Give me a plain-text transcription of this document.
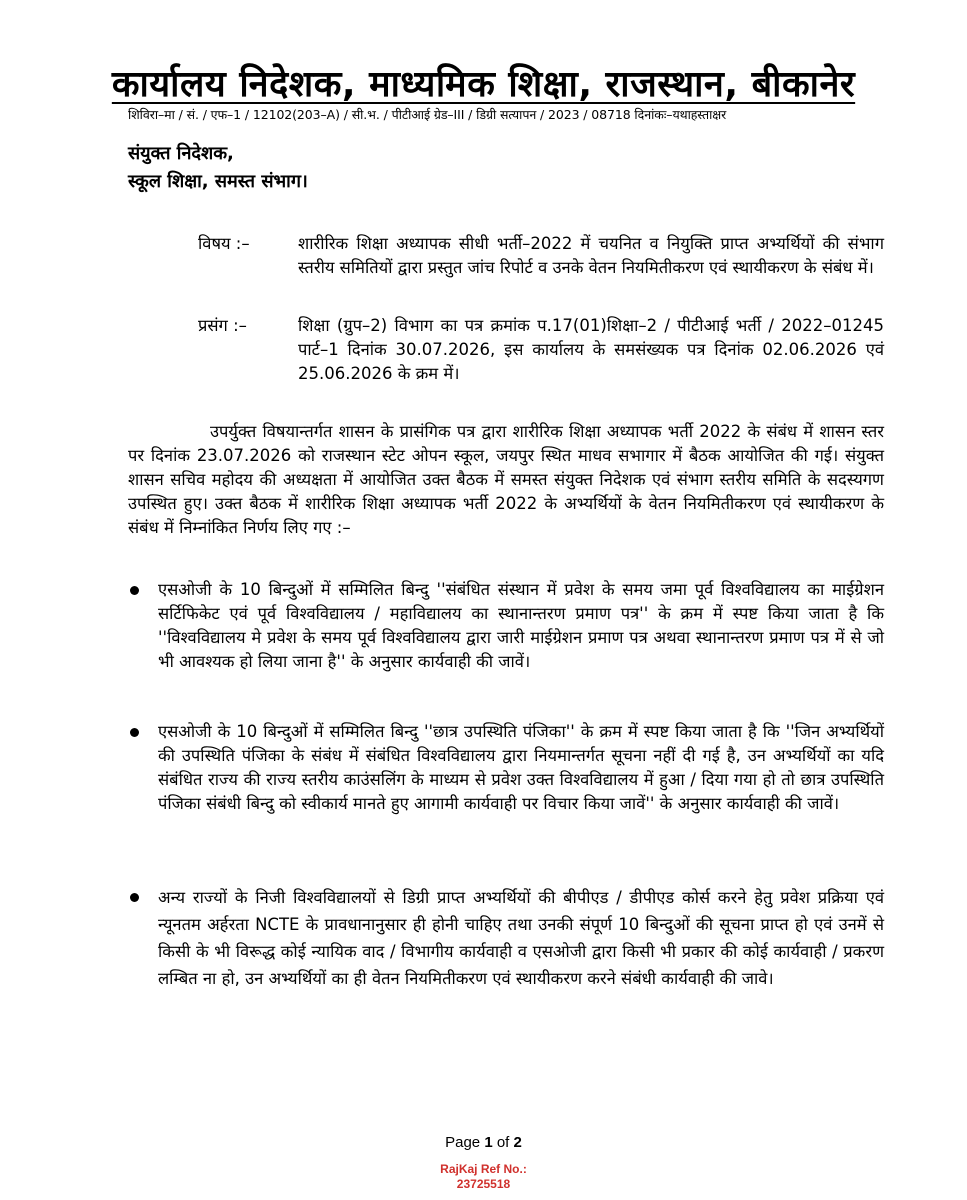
कार्यालय निदेशक, माध्यमिक शिक्षा, राजस्थान, बीकानेर
शिविरा–मा / सं. / एफ–1 / 12102(203–A) / सी.भ. / पीटीआई ग्रेड–III / डिग्री सत्यापन / 2023 / 08718 दिनांकः–यथाहस्ताक्षर
संयुक्त निदेशक,
स्कूल शिक्षा, समस्त संभाग।
विषय :–	शारीरिक शिक्षा अध्यापक सीधी भर्ती–2022 में चयनित व नियुक्ति प्राप्त अभ्यर्थियों की संभाग स्तरीय समितियों द्वारा प्रस्तुत जांच रिपोर्ट व उनके वेतन नियमितीकरण एवं स्थायीकरण के संबंध में।
प्रसंग :–	शिक्षा (ग्रुप–2) विभाग का पत्र क्रमांक प.17(01)शिक्षा–2 / पीटीआई भर्ती / 2022–01245 पार्ट–1 दिनांक 30.07.2026, इस कार्यालय के समसंख्यक पत्र दिनांक 02.06.2026 एवं 25.06.2026 के क्रम में।
उपर्युक्त विषयान्तर्गत शासन के प्रासंगिक पत्र द्वारा शारीरिक शिक्षा अध्यापक भर्ती 2022 के संबंध में शासन स्तर पर दिनांक 23.07.2026 को राजस्थान स्टेट ओपन स्कूल, जयपुर स्थित माधव सभागार में बैठक आयोजित की गई। संयुक्त शासन सचिव महोदय की अध्यक्षता में आयोजित उक्त बैठक में समस्त संयुक्त निदेशक एवं संभाग स्तरीय समिति के सदस्यगण उपस्थित हुए। उक्त बैठक में शारीरिक शिक्षा अध्यापक भर्ती 2022 के अभ्यर्थियों के वेतन नियमितीकरण एवं स्थायीकरण के संबंध में निम्नांकित निर्णय लिए गए :–
एसओजी के 10 बिन्दुओं में सम्मिलित बिन्दु ''संबंधित संस्थान में प्रवेश के समय जमा पूर्व विश्वविद्यालय का माईग्रेशन सर्टिफिकेट एवं पूर्व विश्वविद्यालय / महाविद्यालय का स्थानान्तरण प्रमाण पत्र'' के क्रम में स्पष्ट किया जाता है कि ''विश्वविद्यालय मे प्रवेश के समय पूर्व विश्वविद्यालय द्वारा जारी माईग्रेशन प्रमाण पत्र अथवा स्थानान्तरण प्रमाण पत्र में से जो भी आवश्यक हो लिया जाना है'' के अनुसार कार्यवाही की जावें।
एसओजी के 10 बिन्दुओं में सम्मिलित बिन्दु ''छात्र उपस्थिति पंजिका'' के क्रम में स्पष्ट किया जाता है कि ''जिन अभ्यर्थियों की उपस्थिति पंजिका के संबंध में संबंधित विश्वविद्यालय द्वारा नियमान्तर्गत सूचना नहीं दी गई है, उन अभ्यर्थियों का यदि संबंधित राज्य की राज्य स्तरीय काउंसलिंग के माध्यम से प्रवेश उक्त विश्वविद्यालय में हुआ / दिया गया हो तो छात्र उपस्थिति पंजिका संबंधी बिन्दु को स्वीकार्य मानते हुए आगामी कार्यवाही पर विचार किया जावें'' के अनुसार कार्यवाही की जावें।
अन्य राज्यों के निजी विश्वविद्यालयों से डिग्री प्राप्त अभ्यर्थियों की बीपीएड / डीपीएड कोर्स करने हेतु प्रवेश प्रक्रिया एवं न्यूनतम अर्हरता NCTE के प्रावधानानुसार ही होनी चाहिए तथा उनकी संपूर्ण 10 बिन्दुओं की सूचना प्राप्त हो एवं उनमें से किसी के भी विरूद्ध कोई न्यायिक वाद / विभागीय कार्यवाही व एसओजी द्वारा किसी भी प्रकार की कोई कार्यवाही / प्रकरण लम्बित ना हो, उन अभ्यर्थियों का ही वेतन नियमितीकरण एवं स्थायीकरण करने संबंधी कार्यवाही की जावे।
Page 1 of 2
RajKaj Ref No.:
23725518
